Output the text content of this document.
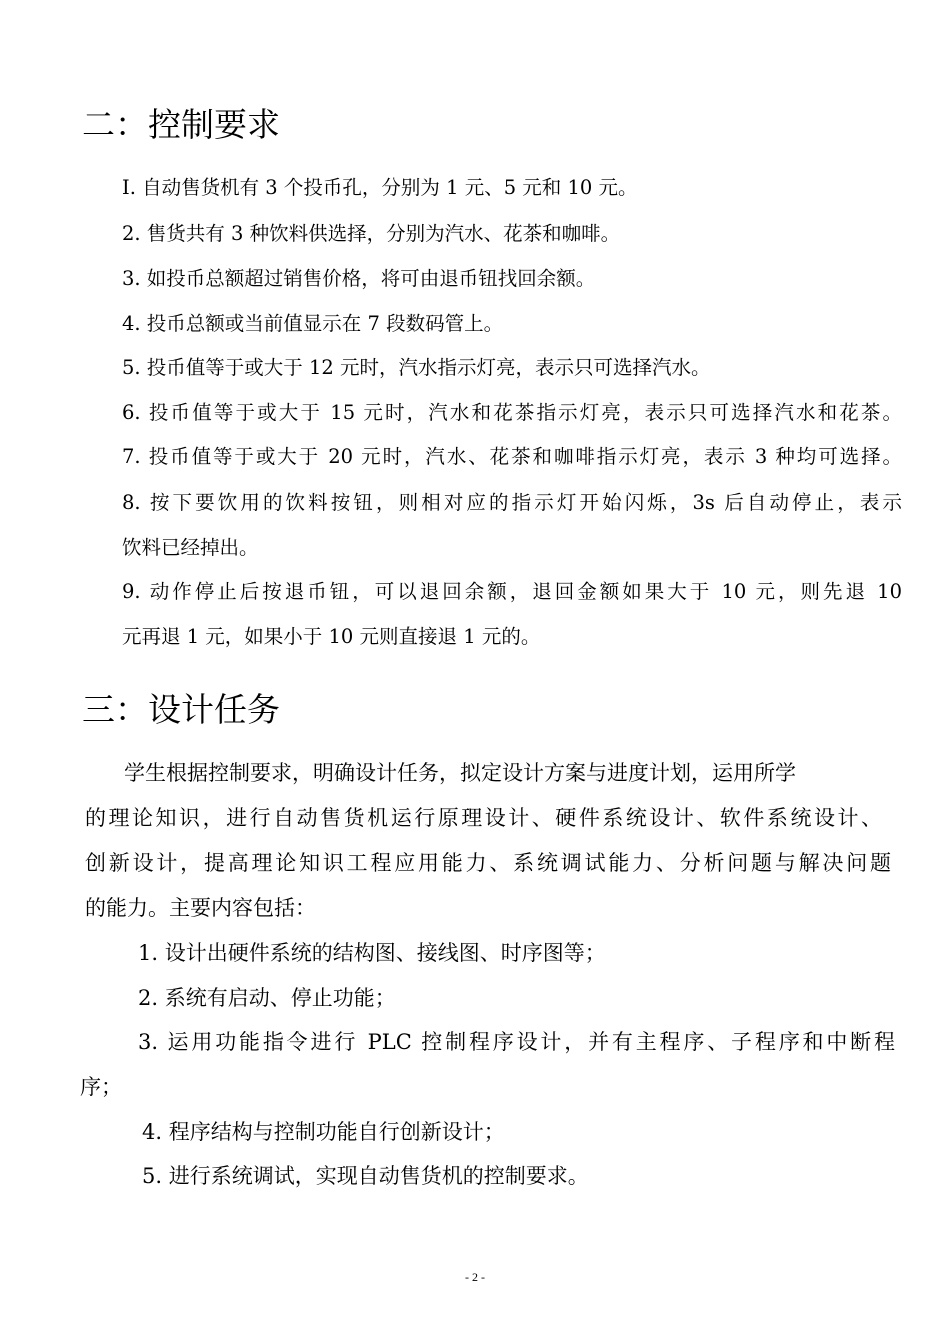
二：控制要求

I. 自动售货机有 3 个投币孔，分别为 1 元、5 元和 10 元。

2. 售货共有 3 种饮料供选择，分别为汽水、花茶和咖啡。

3. 如投币总额超过销售价格，将可由退币钮找回余额。

4. 投币总额或当前值显示在 7 段数码管上。

5. 投币值等于或大于 12 元时，汽水指示灯亮，表示只可选择汽水。

6. 投币值等于或大于 15 元时，汽水和花茶指示灯亮，表示只可选择汽水和花茶。

7. 投币值等于或大于 20 元时，汽水、花茶和咖啡指示灯亮，表示 3 种均可选择。

8. 按下要饮用的饮料按钮，则相对应的指示灯开始闪烁，3s 后自动停止，表示

饮料已经掉出。

9. 动作停止后按退币钮，可以退回余额，退回金额如果大于 10 元，则先退 10

元再退 1 元，如果小于 10 元则直接退 1 元的。

三：设计任务

学生根据控制要求，明确设计任务，拟定设计方案与进度计划，运用所学

的理论知识，进行自动售货机运行原理设计、硬件系统设计、软件系统设计、

创新设计，提高理论知识工程应用能力、系统调试能力、分析问题与解决问题

的能力。主要内容包括：

1. 设计出硬件系统的结构图、接线图、时序图等；

2. 系统有启动、停止功能；

3. 运用功能指令进行 PLC 控制程序设计，并有主程序、子程序和中断程

序；

4. 程序结构与控制功能自行创新设计；

5. 进行系统调试，实现自动售货机的控制要求。

- 2 -
